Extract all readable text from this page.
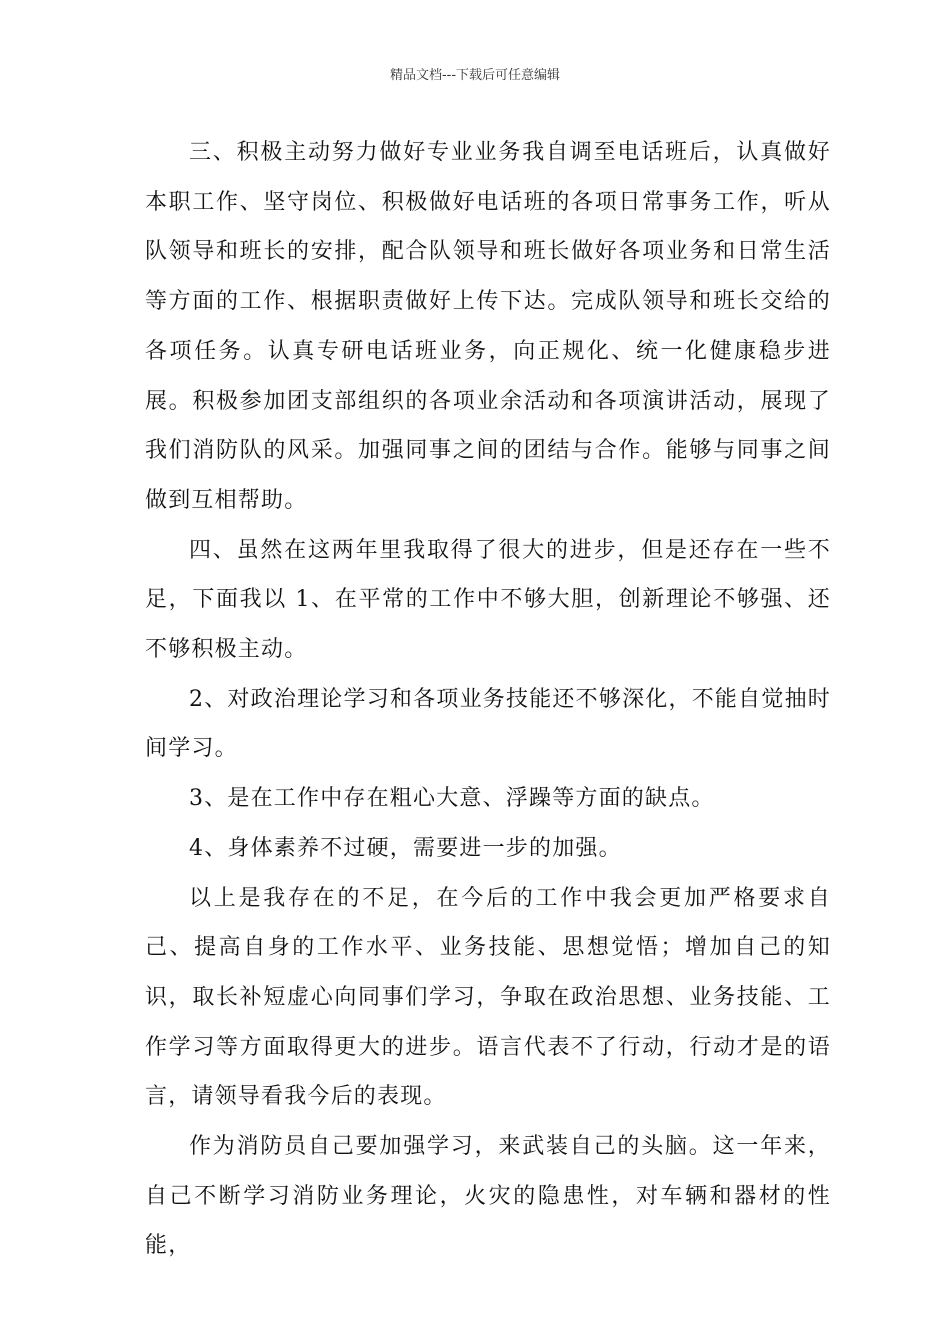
精品文档---下载后可任意编辑

三、积极主动努力做好专业业务我自调至电话班后，认真做好本职工作、坚守岗位、积极做好电话班的各项日常事务工作，听从队领导和班长的安排，配合队领导和班长做好各项业务和日常生活等方面的工作、根据职责做好上传下达。完成队领导和班长交给的各项任务。认真专研电话班业务，向正规化、统一化健康稳步进展。积极参加团支部组织的各项业余活动和各项演讲活动，展现了我们消防队的风采。加强同事之间的团结与合作。能够与同事之间做到互相帮助。

四、虽然在这两年里我取得了很大的进步，但是还存在一些不足，下面我以 1、在平常的工作中不够大胆，创新理论不够强、还不够积极主动。

2、对政治理论学习和各项业务技能还不够深化，不能自觉抽时间学习。

3、是在工作中存在粗心大意、浮躁等方面的缺点。

4、身体素养不过硬，需要进一步的加强。

以上是我存在的不足，在今后的工作中我会更加严格要求自己、提高自身的工作水平、业务技能、思想觉悟；增加自己的知识，取长补短虚心向同事们学习，争取在政治思想、业务技能、工作学习等方面取得更大的进步。语言代表不了行动，行动才是的语言，请领导看我今后的表现。

作为消防员自己要加强学习，来武装自己的头脑。这一年来，自己不断学习消防业务理论，火灾的隐患性，对车辆和器材的性能，
